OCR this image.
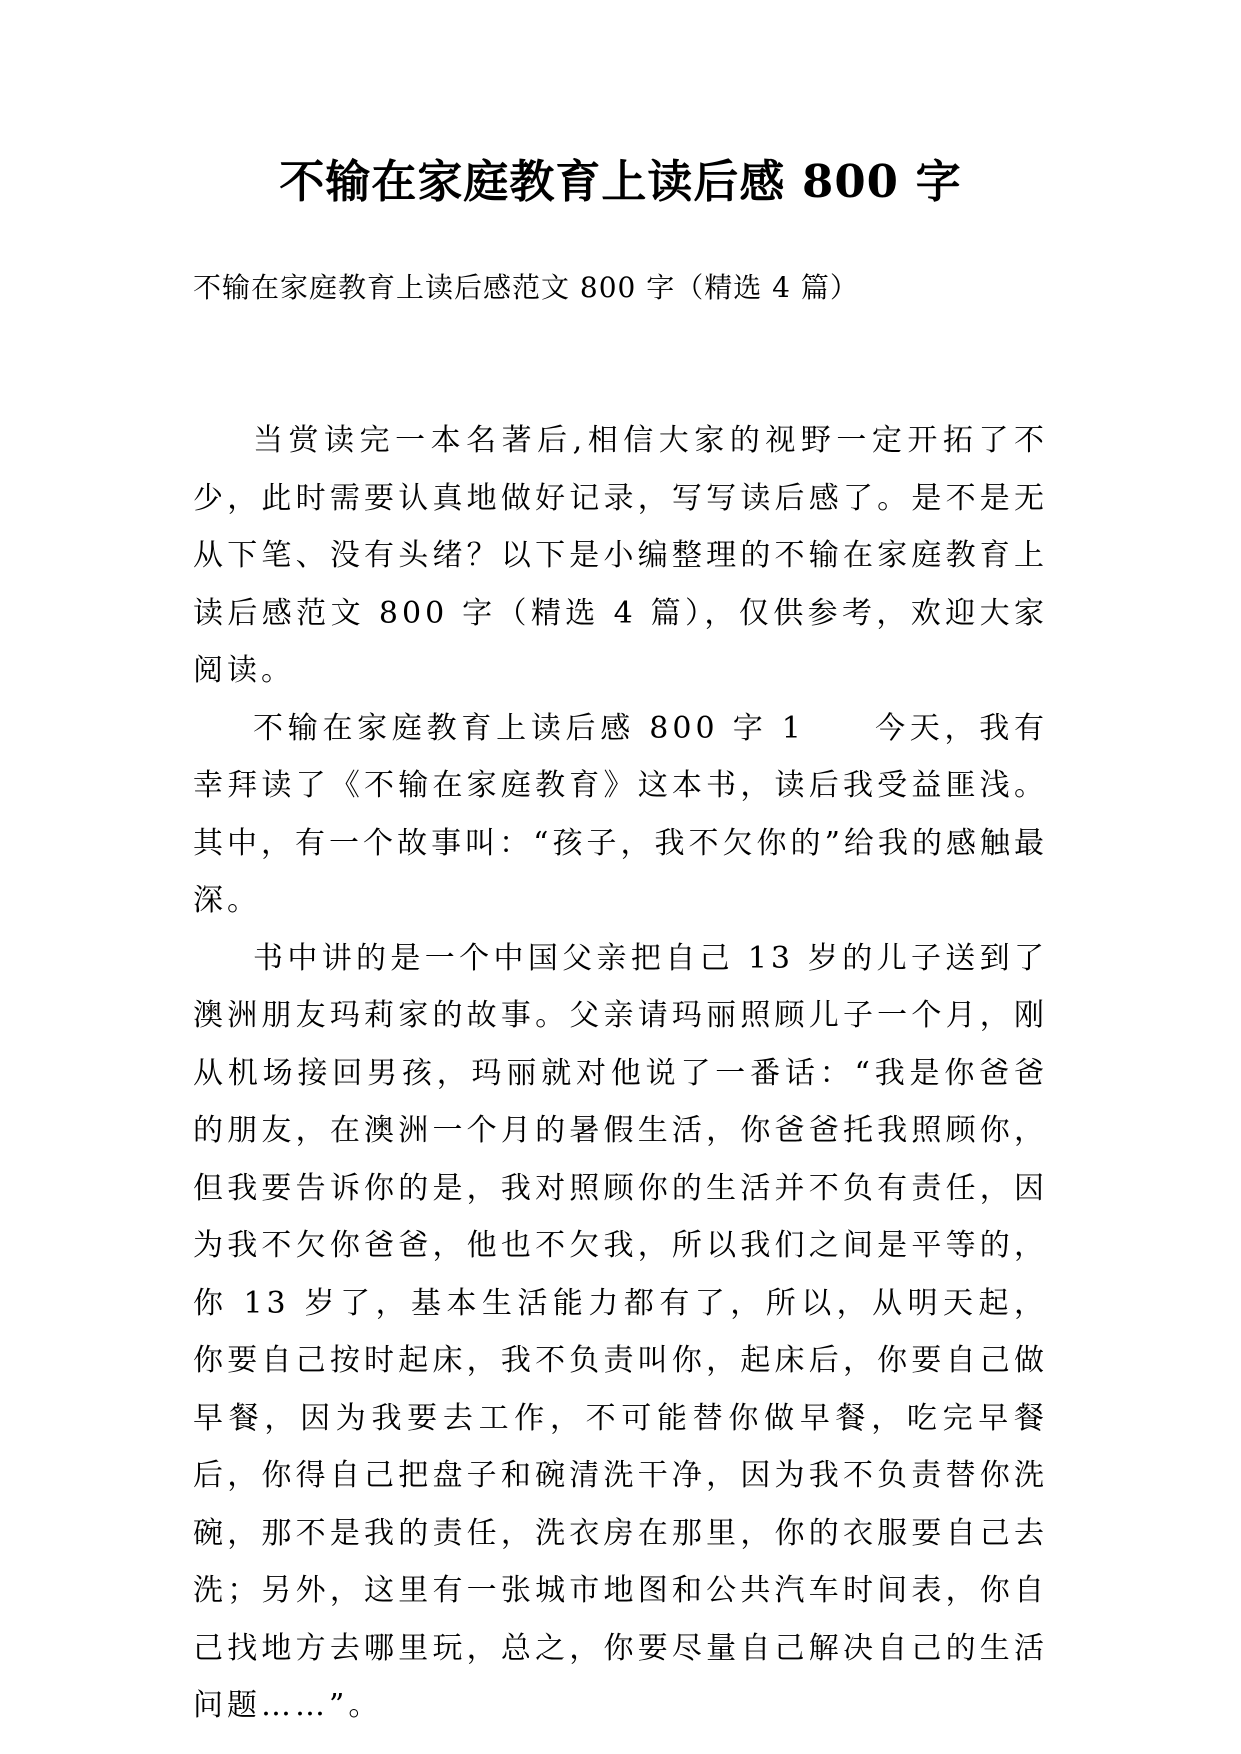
不输在家庭教育上读后感 800 字
不输在家庭教育上读后感范文 800 字（精选 4 篇）

当赏读完一本名著后,相信大家的视野一定开拓了不少，此时需要认真地做好记录，写写读后感了。是不是无从下笔、没有头绪？以下是小编整理的不输在家庭教育上读后感范文 800 字（精选 4 篇），仅供参考，欢迎大家阅读。

不输在家庭教育上读后感 800 字 1　　今天，我有幸拜读了《不输在家庭教育》这本书，读后我受益匪浅。其中，有一个故事叫：“孩子，我不欠你的”给我的感触最深。

书中讲的是一个中国父亲把自己 13 岁的儿子送到了澳洲朋友玛莉家的故事。父亲请玛丽照顾儿子一个月，刚从机场接回男孩，玛丽就对他说了一番话：“我是你爸爸的朋友，在澳洲一个月的暑假生活，你爸爸托我照顾你，但我要告诉你的是，我对照顾你的生活并不负有责任，因为我不欠你爸爸，他也不欠我，所以我们之间是平等的，你 13 岁了，基本生活能力都有了，所以，从明天起，你要自己按时起床，我不负责叫你，起床后，你要自己做早餐，因为我要去工作，不可能替你做早餐，吃完早餐后，你得自己把盘子和碗清洗干净，因为我不负责替你洗碗，那不是我的责任，洗衣房在那里，你的衣服要自己去洗；另外，这里有一张城市地图和公共汽车时间表，你自己找地方去哪里玩，总之，你要尽量自己解决自己的生活问题……”。
